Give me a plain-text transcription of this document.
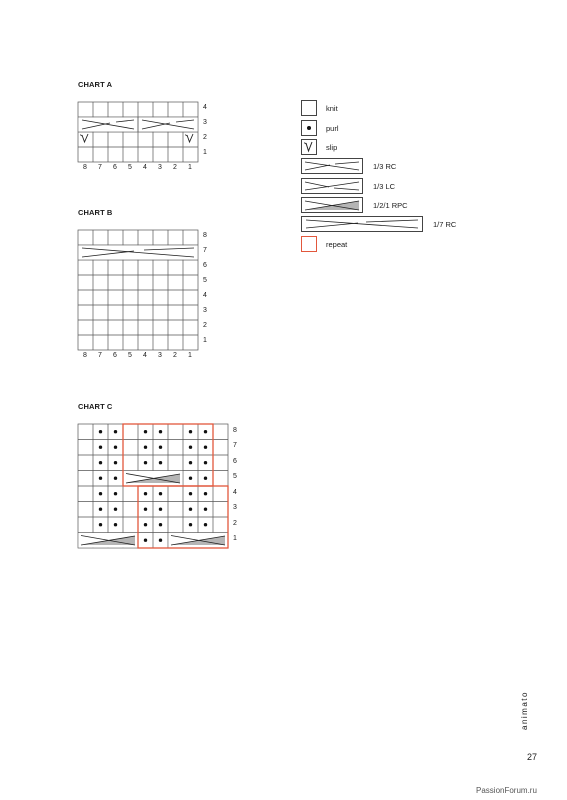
CHART A
4
3
2
1
8 7 6 5 4 3 2 1
CHART B
8
7
6
5
4
3
2
1
8 7 6 5 4 3 2 1
CHART C
8
7
6
5
4
3
2
1
knit
purl
slip
1/3 RC
1/3 LC
1/2/1 RPC
1/7 RC
repeat
animato
27
PassionForum.ru
